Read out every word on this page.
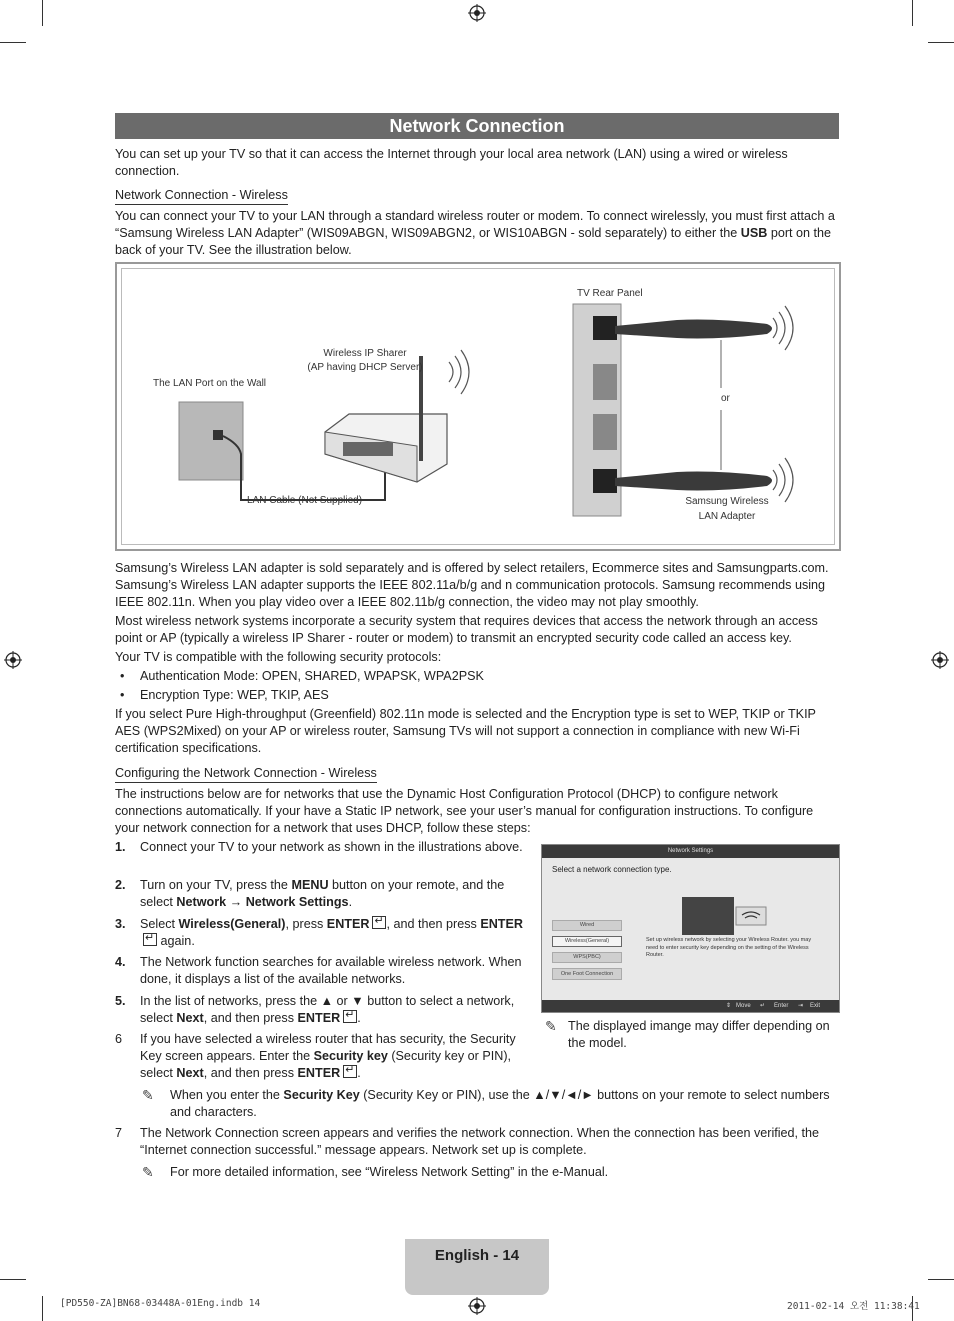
Network Connection
You can set up your TV so that it can access the Internet through your local area network (LAN) using a wired or wireless connection.
Network Connection - Wireless
You can connect your TV to your LAN through a standard wireless router or modem. To connect wirelessly, you must first attach a “Samsung Wireless LAN Adapter” (WIS09ABGN, WIS09ABGN2, or WIS10ABGN - sold separately) to either the USB port on the back of your TV. See the illustration below.
The LAN Port on the Wall
Wireless IP Sharer
(AP having DHCP Server)
LAN Cable (Not Supplied)
TV Rear Panel
or
Samsung Wireless
LAN Adapter
Samsung’s Wireless LAN adapter is sold separately and is offered by select retailers, Ecommerce sites and Samsungparts.com. Samsung’s Wireless LAN adapter supports the IEEE 802.11a/b/g and n communication protocols. Samsung recommends using IEEE 802.11n. When you play video over a IEEE 802.11b/g connection, the video may not play smoothly.
Most wireless network systems incorporate a security system that requires devices that access the network through an access point or AP (typically a wireless IP Sharer - router or modem) to transmit an encrypted security code called an access key.
Your TV is compatible with the following security protocols:
• Authentication Mode: OPEN, SHARED, WPAPSK, WPA2PSK
• Encryption Type: WEP, TKIP, AES
If you select Pure High-throughput (Greenfield) 802.11n mode is selected and the Encryption type is set to WEP, TKIP or TKIP AES (WPS2Mixed) on your AP or wireless router, Samsung TVs will not support a connection in compliance with new Wi-Fi certification specifications.
Configuring the Network Connection - Wireless
The instructions below are for networks that use the Dynamic Host Configuration Protocol (DHCP) to configure network connections automatically. If your have a Static IP network, see your user’s manual for configuration instructions. To configure your network connection for a network that uses DHCP, follow these steps:
1. Connect your TV to your network as shown in the illustrations above.
2. Turn on your TV, press the MENU button on your remote, and the select Network → Network Settings.
3. Select Wireless(General), press ENTER ↵ , and then press ENTER↵ again.
4. The Network function searches for available wireless network. When done, it displays a list of the available networks.
5. In the list of networks, press the ▲ or ▼ button to select a network, select Next, and then press ENTER ↵ .
6 If you have selected a wireless router that has security, the Security Key screen appears. Enter the Security key (Security key or PIN), select Next, and then press ENTER ↵ .
✎ When you enter the Security Key (Security Key or PIN), use the ▲/▼/◄/► buttons on your remote to select numbers and characters.
7 The Network Connection screen appears and verifies the network connection. When the connection has been verified, the “Internet connection successful.” message appears. Network set up is complete.
✎ For more detailed information, see “Wireless Network Setting” in the e-Manual.
Network Settings
Select a network connection type.
Wired
Wireless(General)
WPS(PBC)
One Foot Connection
Set up wireless network by selecting your Wireless Router. you may need to enter security key depending on the setting of the Wireless Router.
⇕ Move ↵ Enter ⇥ Exit
✎ The displayed imange may differ depending on the model.
English - 14
[PD550-ZA]BN68-03448A-01Eng.indb 14	2011-02-14 오전 11:38:41
